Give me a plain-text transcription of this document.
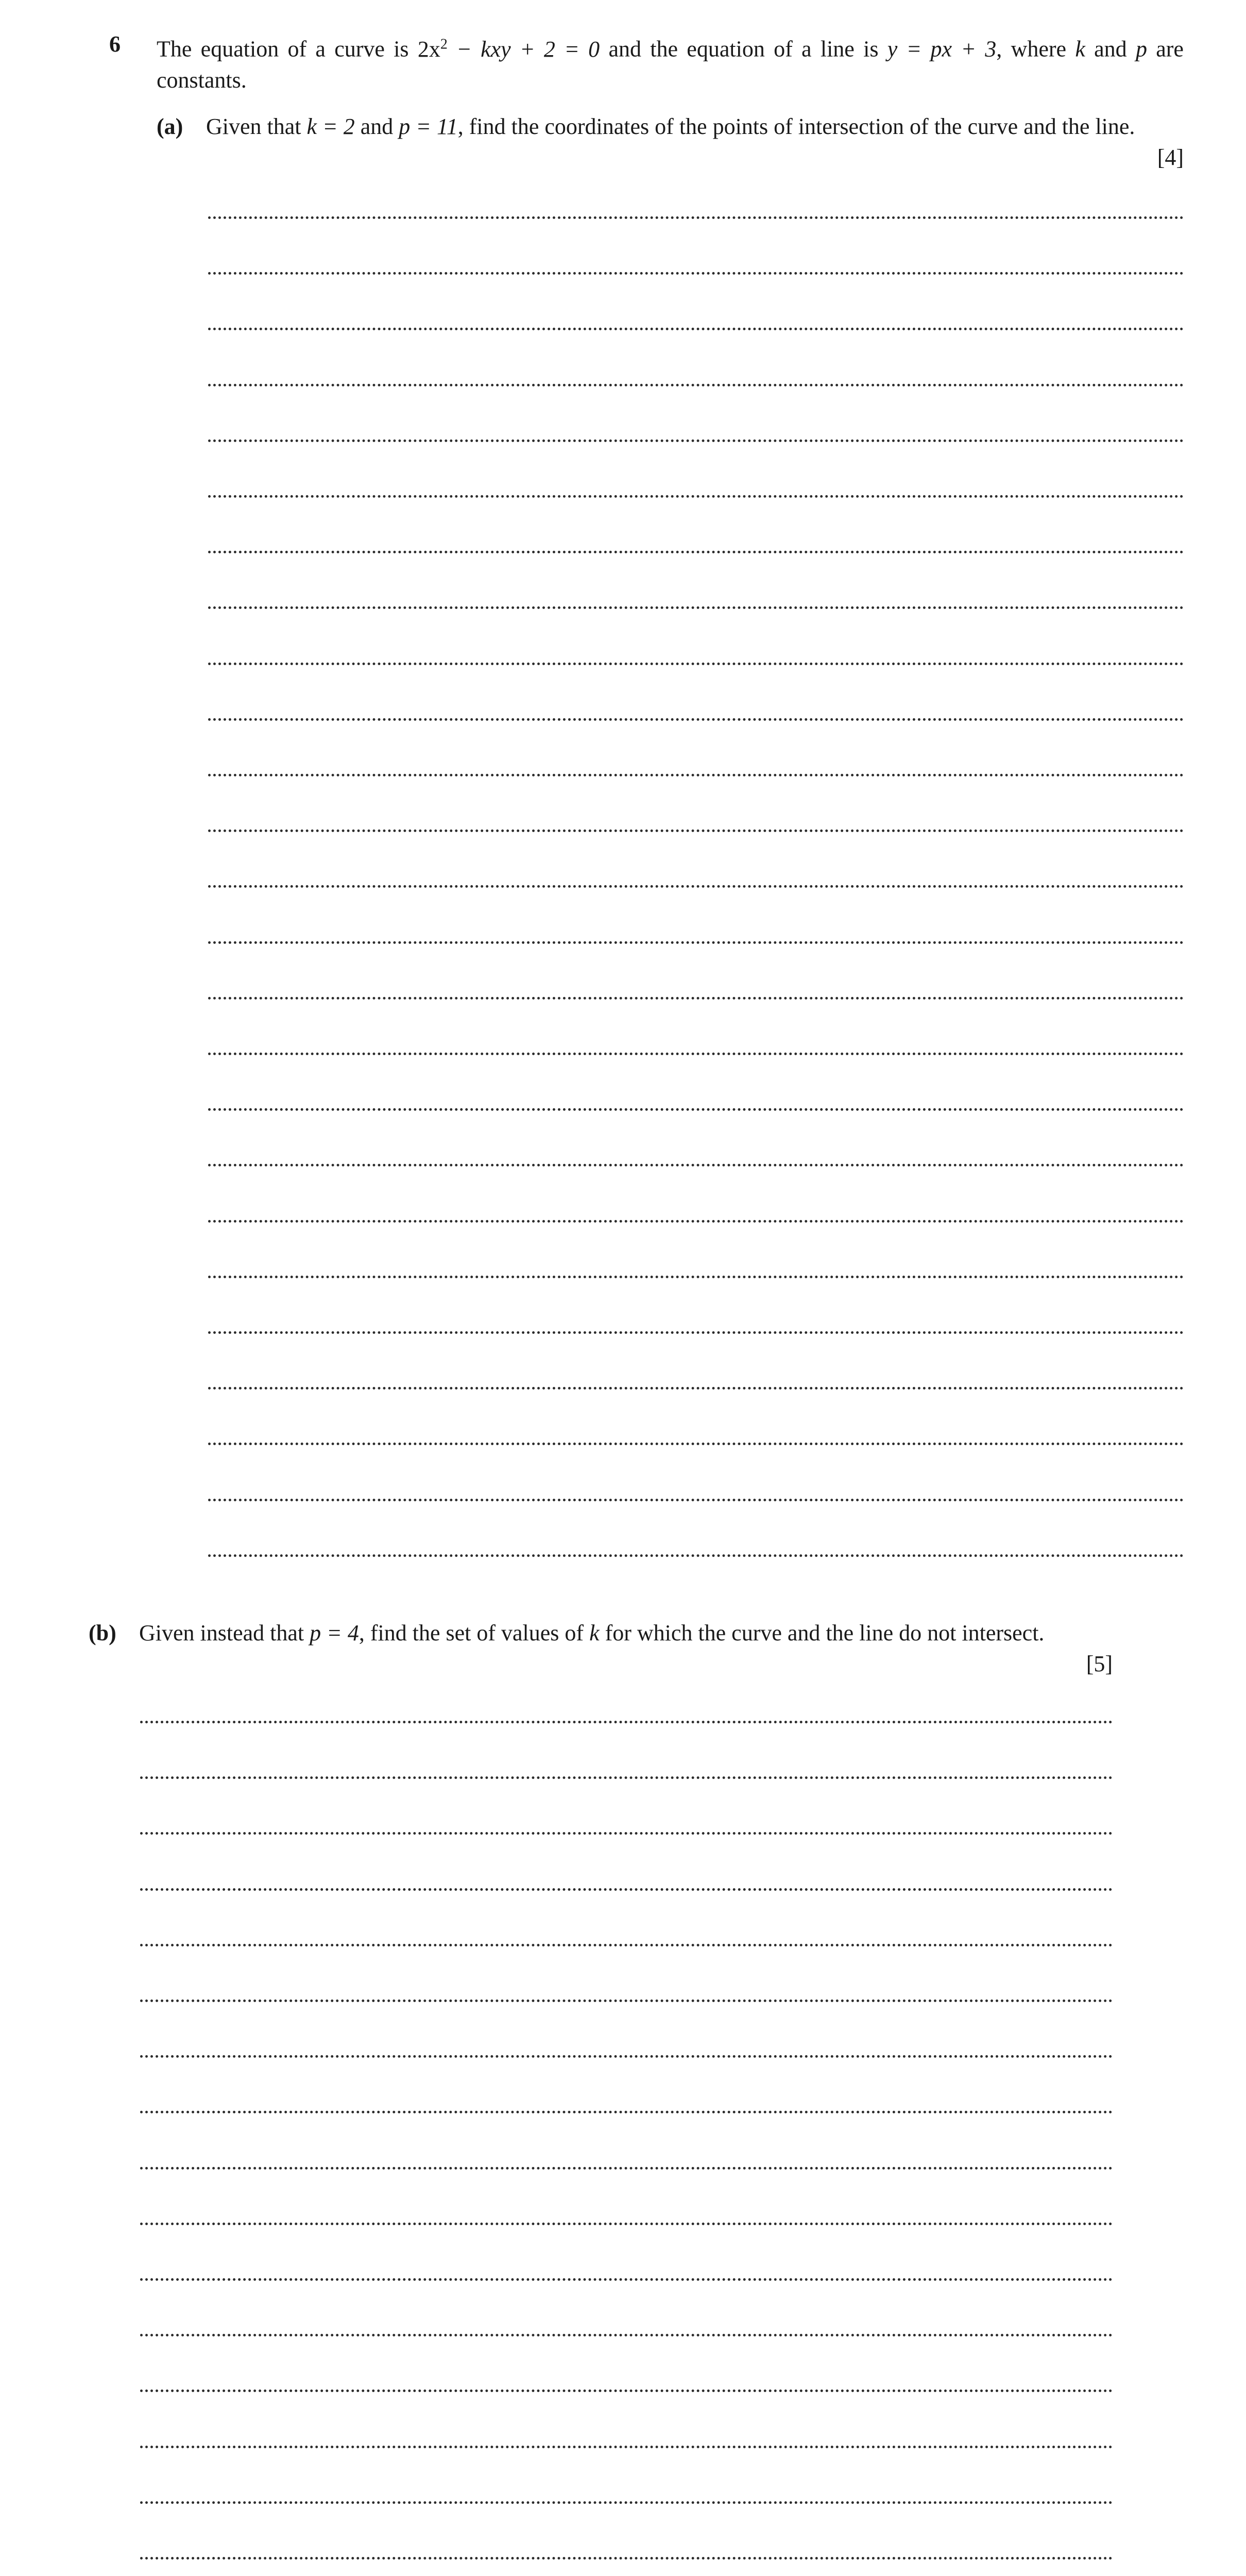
6 The equation of a curve is $2x^2$ − kxy + 2 = 0 and the equation of a line is y = px + 3, where k and p are constants.
(a) Given that k = 2 and p = 11, find the coordinates of the points of intersection of the curve and the line.
[4]
(b) Given instead that p = 4, find the set of values of k for which the curve and the line do not intersect.
[5]
